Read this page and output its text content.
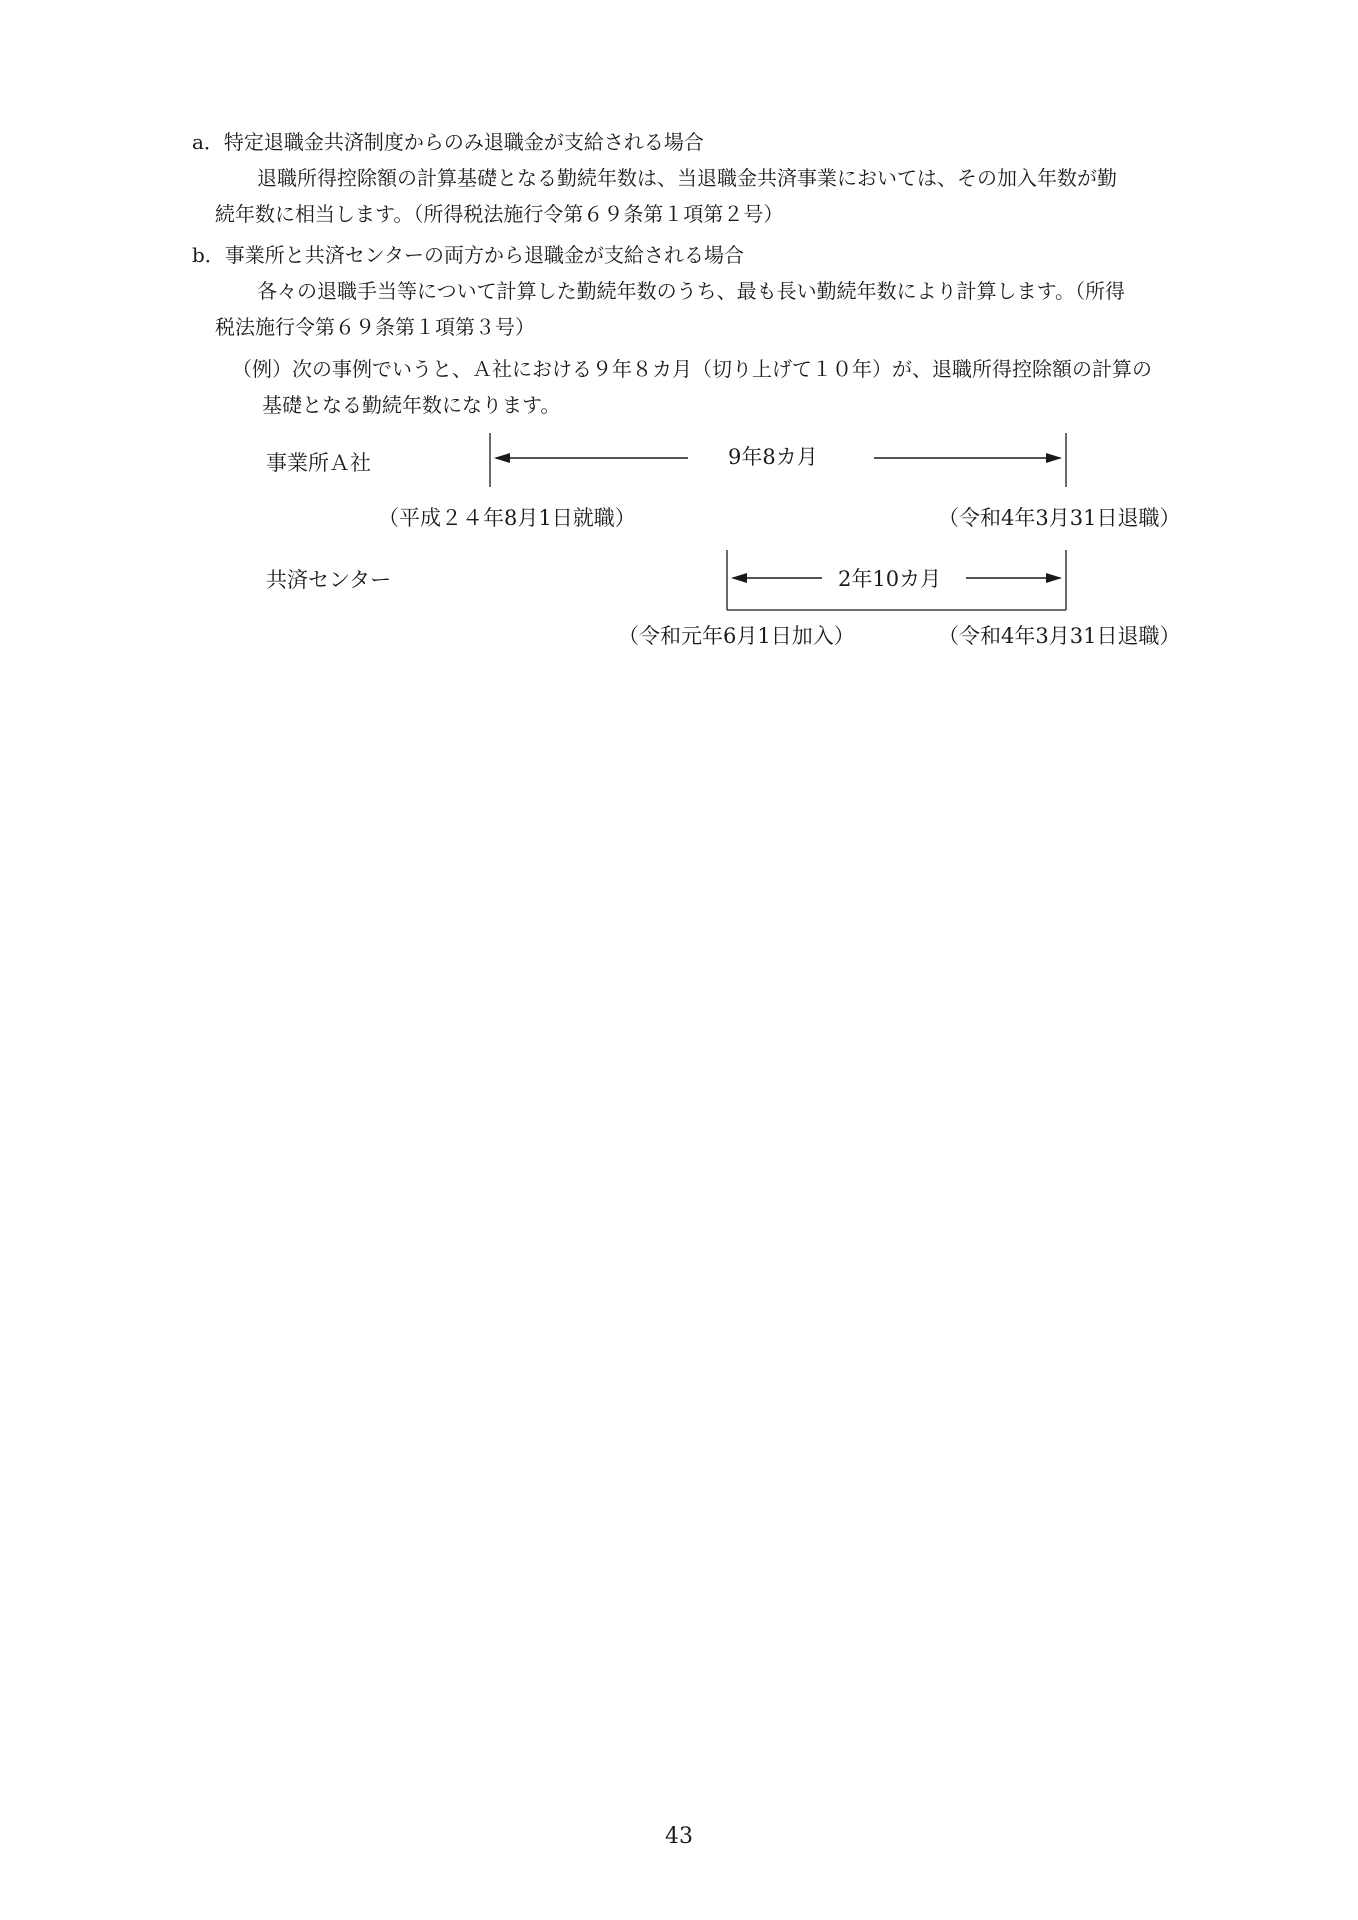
a．特定退職金共済制度からのみ退職金が支給される場合
退職所得控除額の計算基礎となる勤続年数は、当退職金共済事業においては、その加入年数が勤
続年数に相当します。（所得税法施行令第６９条第１項第２号）
b．事業所と共済センターの両方から退職金が支給される場合
各々の退職手当等について計算した勤続年数のうち、最も長い勤続年数により計算します。（所得
税法施行令第６９条第１項第３号）
（例）次の事例でいうと、Ａ社における９年８カ月（切り上げて１０年）が、退職所得控除額の計算の
基礎となる勤続年数になります。
事業所Ａ社	9年8カ月
（平成２４年8月1日就職）	（令和4年3月31日退職）
共済センター	2年10カ月
（令和元年6月1日加入）	（令和4年3月31日退職）
43
